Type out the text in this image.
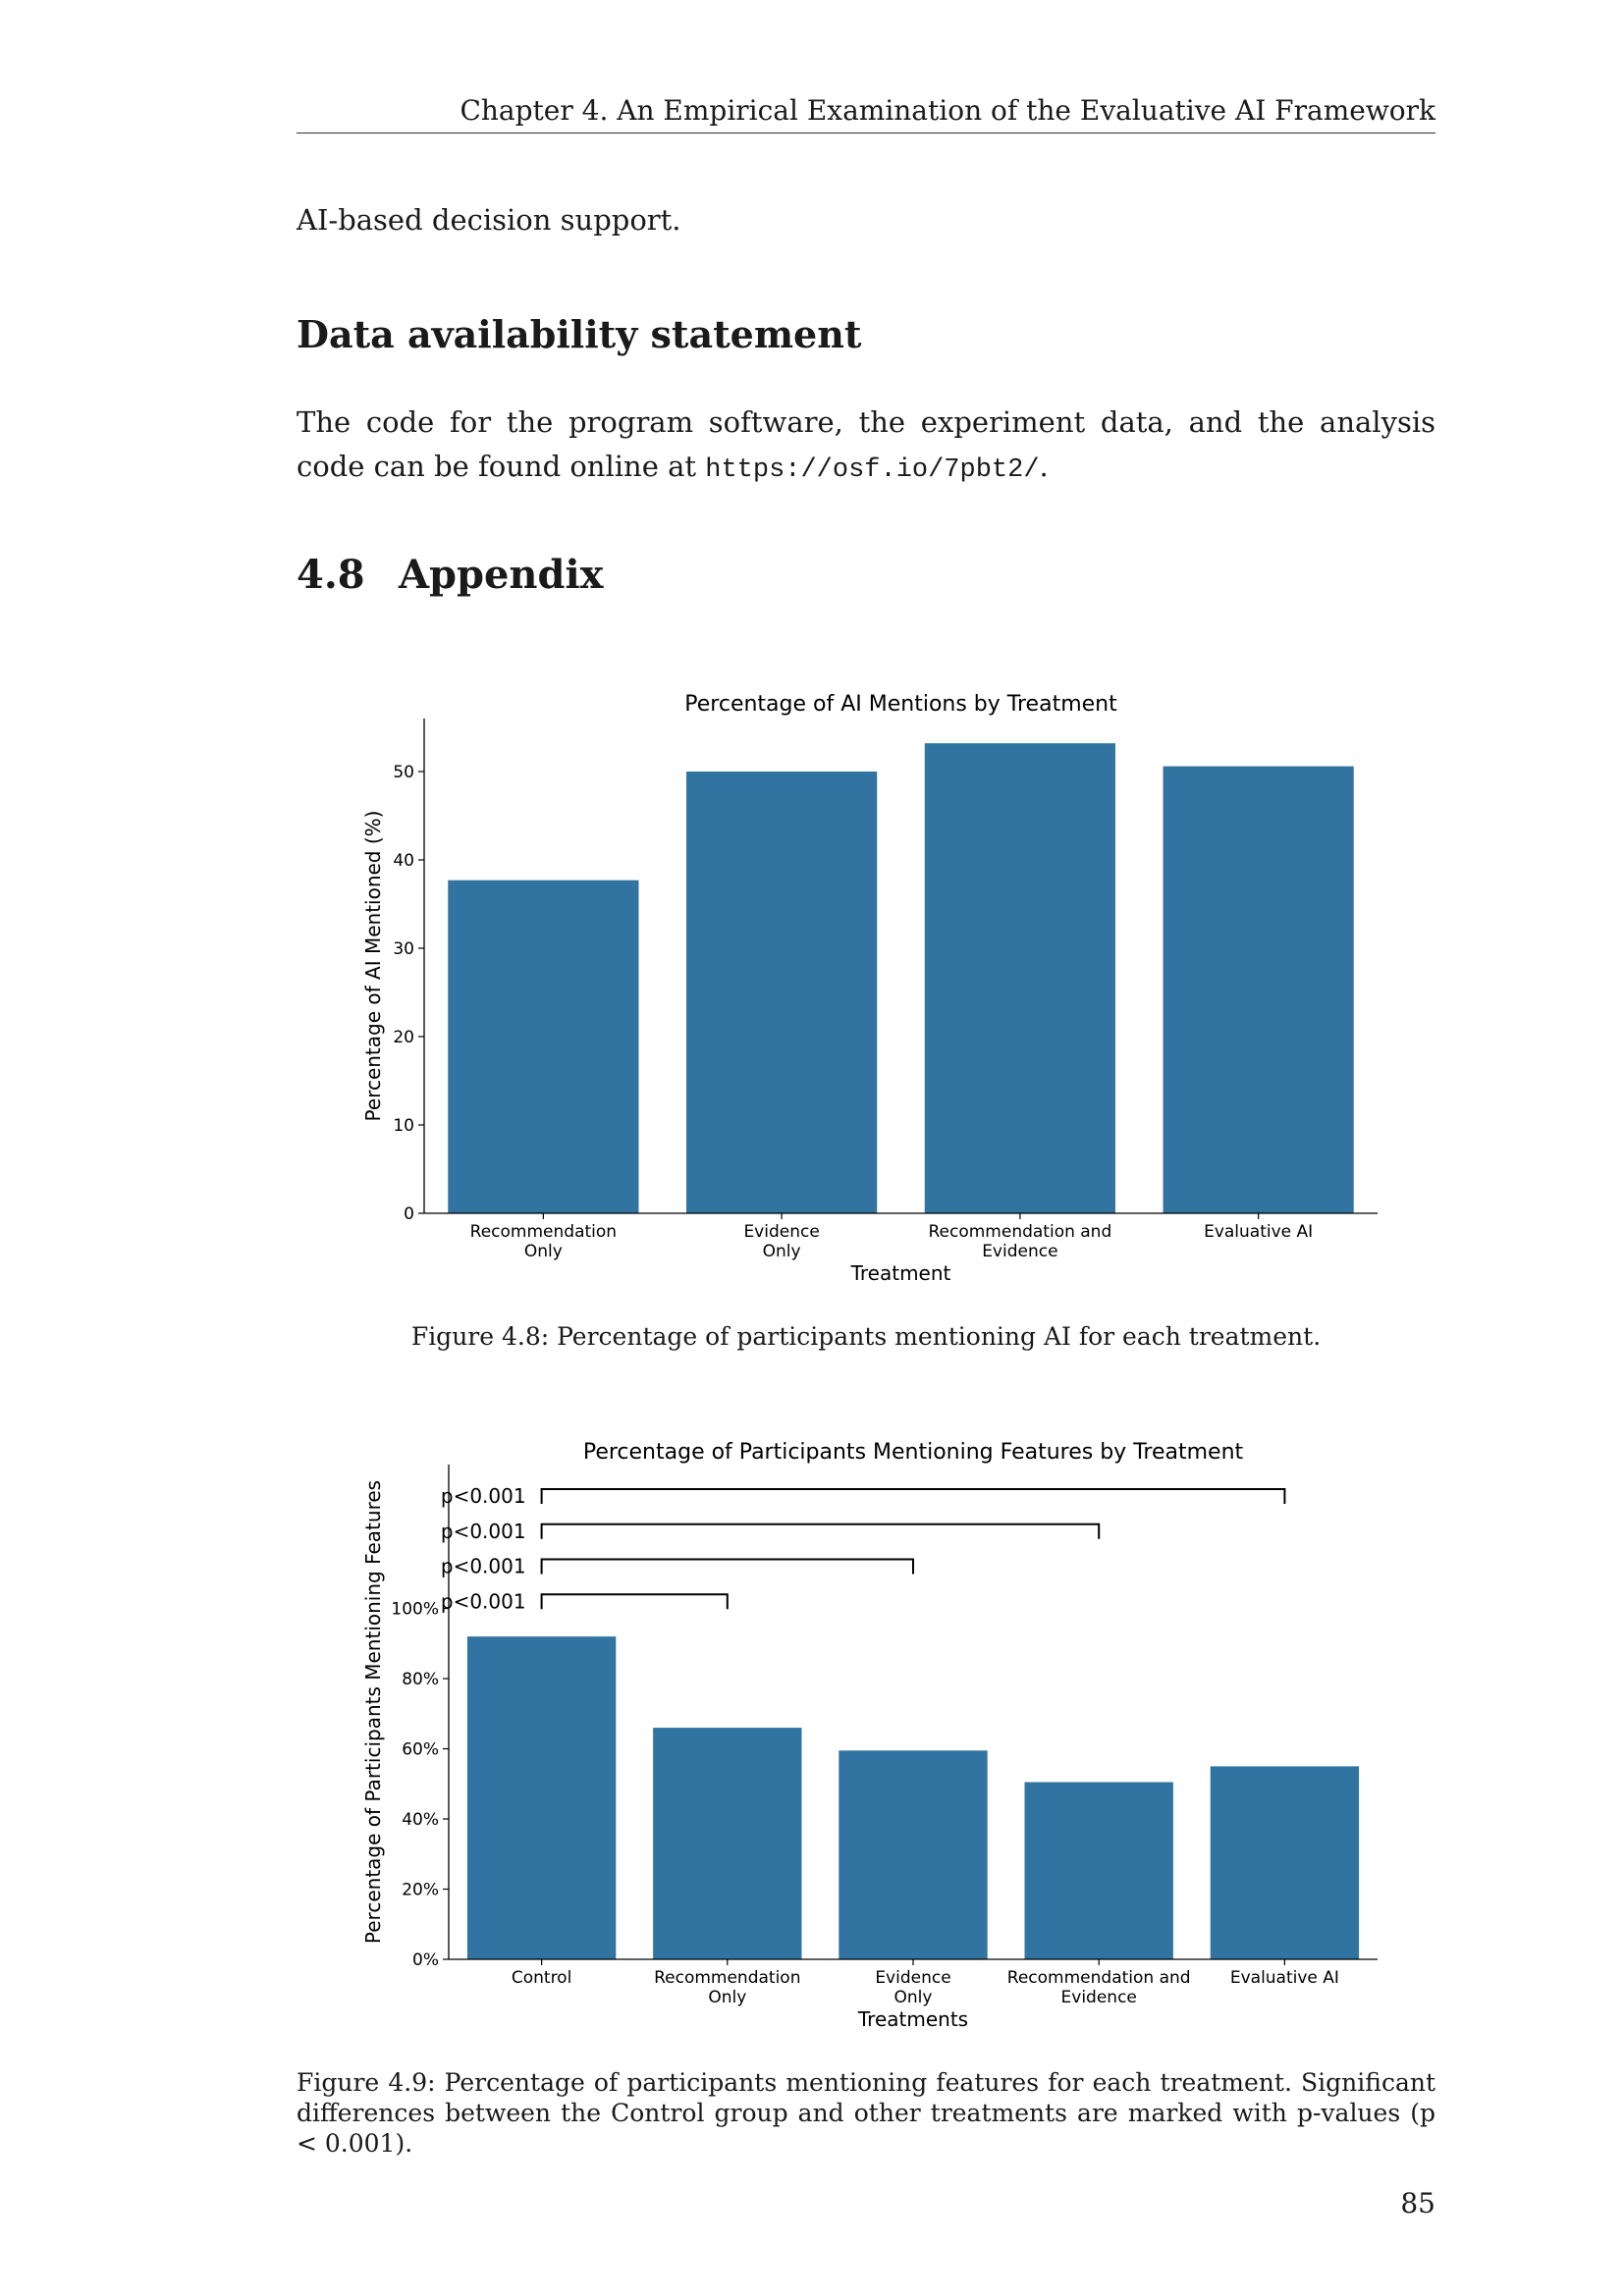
Chapter 4. An Empirical Examination of the Evaluative AI Framework
AI-based decision support.
Data availability statement
The code for the program software, the experiment data, and the analysis code can be found online at https://osf.io/7pbt2/.
4.8 Appendix
Percentage of AI Mentions by Treatment
0
10
20
30
40
50
Recommendation Only
Evidence Only
Recommendation and Evidence
Evaluative AI
Treatment
Percentage of AI Mentioned (%)
Figure 4.8: Percentage of participants mentioning AI for each treatment.
Percentage of Participants Mentioning Features by Treatment
0%
20%
40%
60%
80%
100%
Control	Recommendation Only
Evidence Only
Recommendation and Evidence
Evaluative AI
Treatments
Percentage of Participants Mentioning Features	p<0.001
p<0.001
p<0.001
p<0.001
Figure 4.9: Percentage of participants mentioning features for each treatment. Significant differences between the Control group and other treatments are marked with p-values (p < 0.001).
85
